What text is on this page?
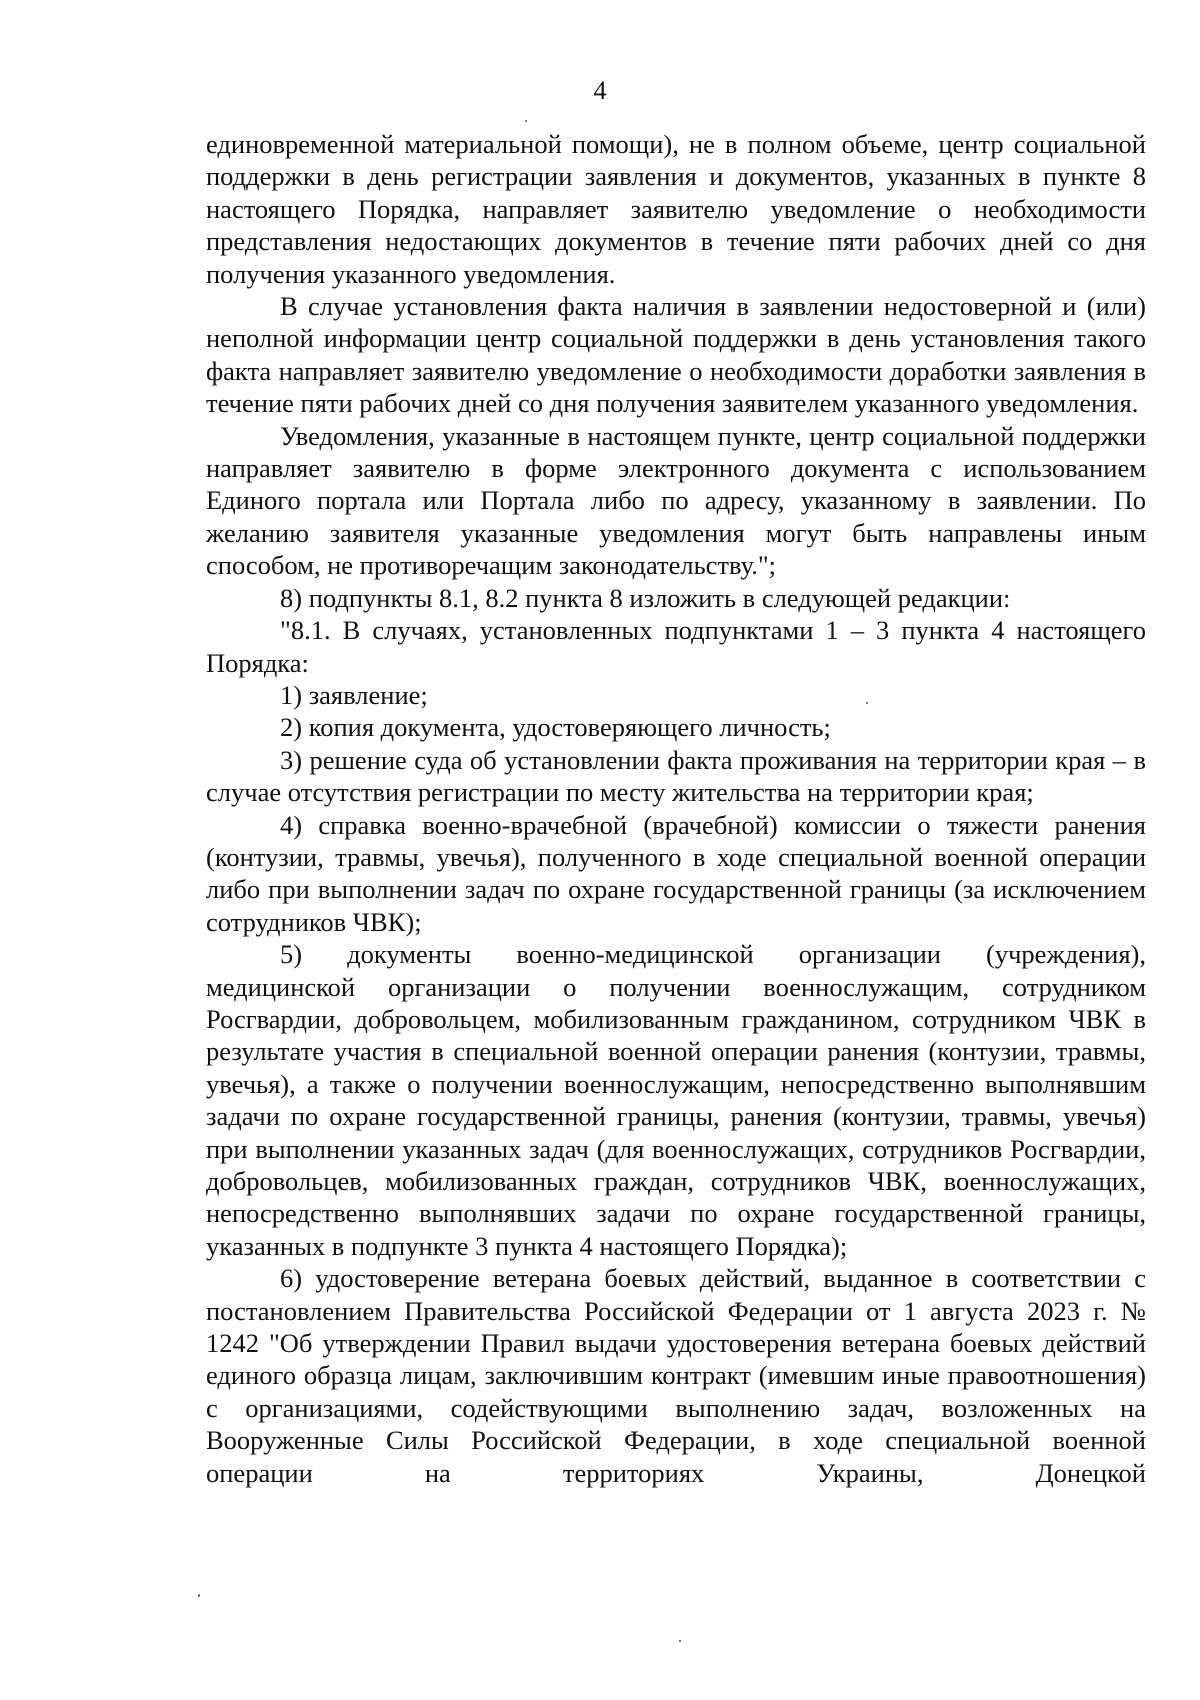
4

единовременной материальной помощи), не в полном объеме, центр социальной поддержки в день регистрации заявления и документов, указанных в пункте 8 настоящего Порядка, направляет заявителю уведомление о необходимости представления недостающих документов в течение пяти рабочих дней со дня получения указанного уведомления.

В случае установления факта наличия в заявлении недостоверной и (или) неполной информации центр социальной поддержки в день установления такого факта направляет заявителю уведомление о необходимости доработки заявления в течение пяти рабочих дней со дня получения заявителем указанного уведомления.

Уведомления, указанные в настоящем пункте, центр социальной поддержки направляет заявителю в форме электронного документа с использованием Единого портала или Портала либо по адресу, указанному в заявлении. По желанию заявителя указанные уведомления могут быть направлены иным способом, не противоречащим законодательству.";

8) подпункты 8.1, 8.2 пункта 8 изложить в следующей редакции:

"8.1. В случаях, установленных подпунктами 1 – 3 пункта 4 настоящего Порядка:

1) заявление;

2) копия документа, удостоверяющего личность;

3) решение суда об установлении факта проживания на территории края – в случае отсутствия регистрации по месту жительства на территории края;

4) справка военно-врачебной (врачебной) комиссии о тяжести ранения (контузии, травмы, увечья), полученного в ходе специальной военной операции либо при выполнении задач по охране государственной границы (за исключением сотрудников ЧВК);

5) документы военно-медицинской организации (учреждения), медицинской организации о получении военнослужащим, сотрудником Росгвардии, добровольцем, мобилизованным гражданином, сотрудником ЧВК в результате участия в специальной военной операции ранения (контузии, травмы, увечья), а также о получении военнослужащим, непосредственно выполнявшим задачи по охране государственной границы, ранения (контузии, травмы, увечья) при выполнении указанных задач (для военнослужащих, сотрудников Росгвардии, добровольцев, мобилизованных граждан, сотрудников ЧВК, военнослужащих, непосредственно выполнявших задачи по охране государственной границы, указанных в подпункте 3 пункта 4 настоящего Порядка);

6) удостоверение ветерана боевых действий, выданное в соответствии с постановлением Правительства Российской Федерации от 1 августа 2023 г. № 1242 "Об утверждении Правил выдачи удостоверения ветерана боевых действий единого образца лицам, заключившим контракт (имевшим иные правоотношения) с организациями, содействующими выполнению задач, возложенных на Вооруженные Силы Российской Федерации, в ходе специальной военной операции на территориях Украины, Донецкой
